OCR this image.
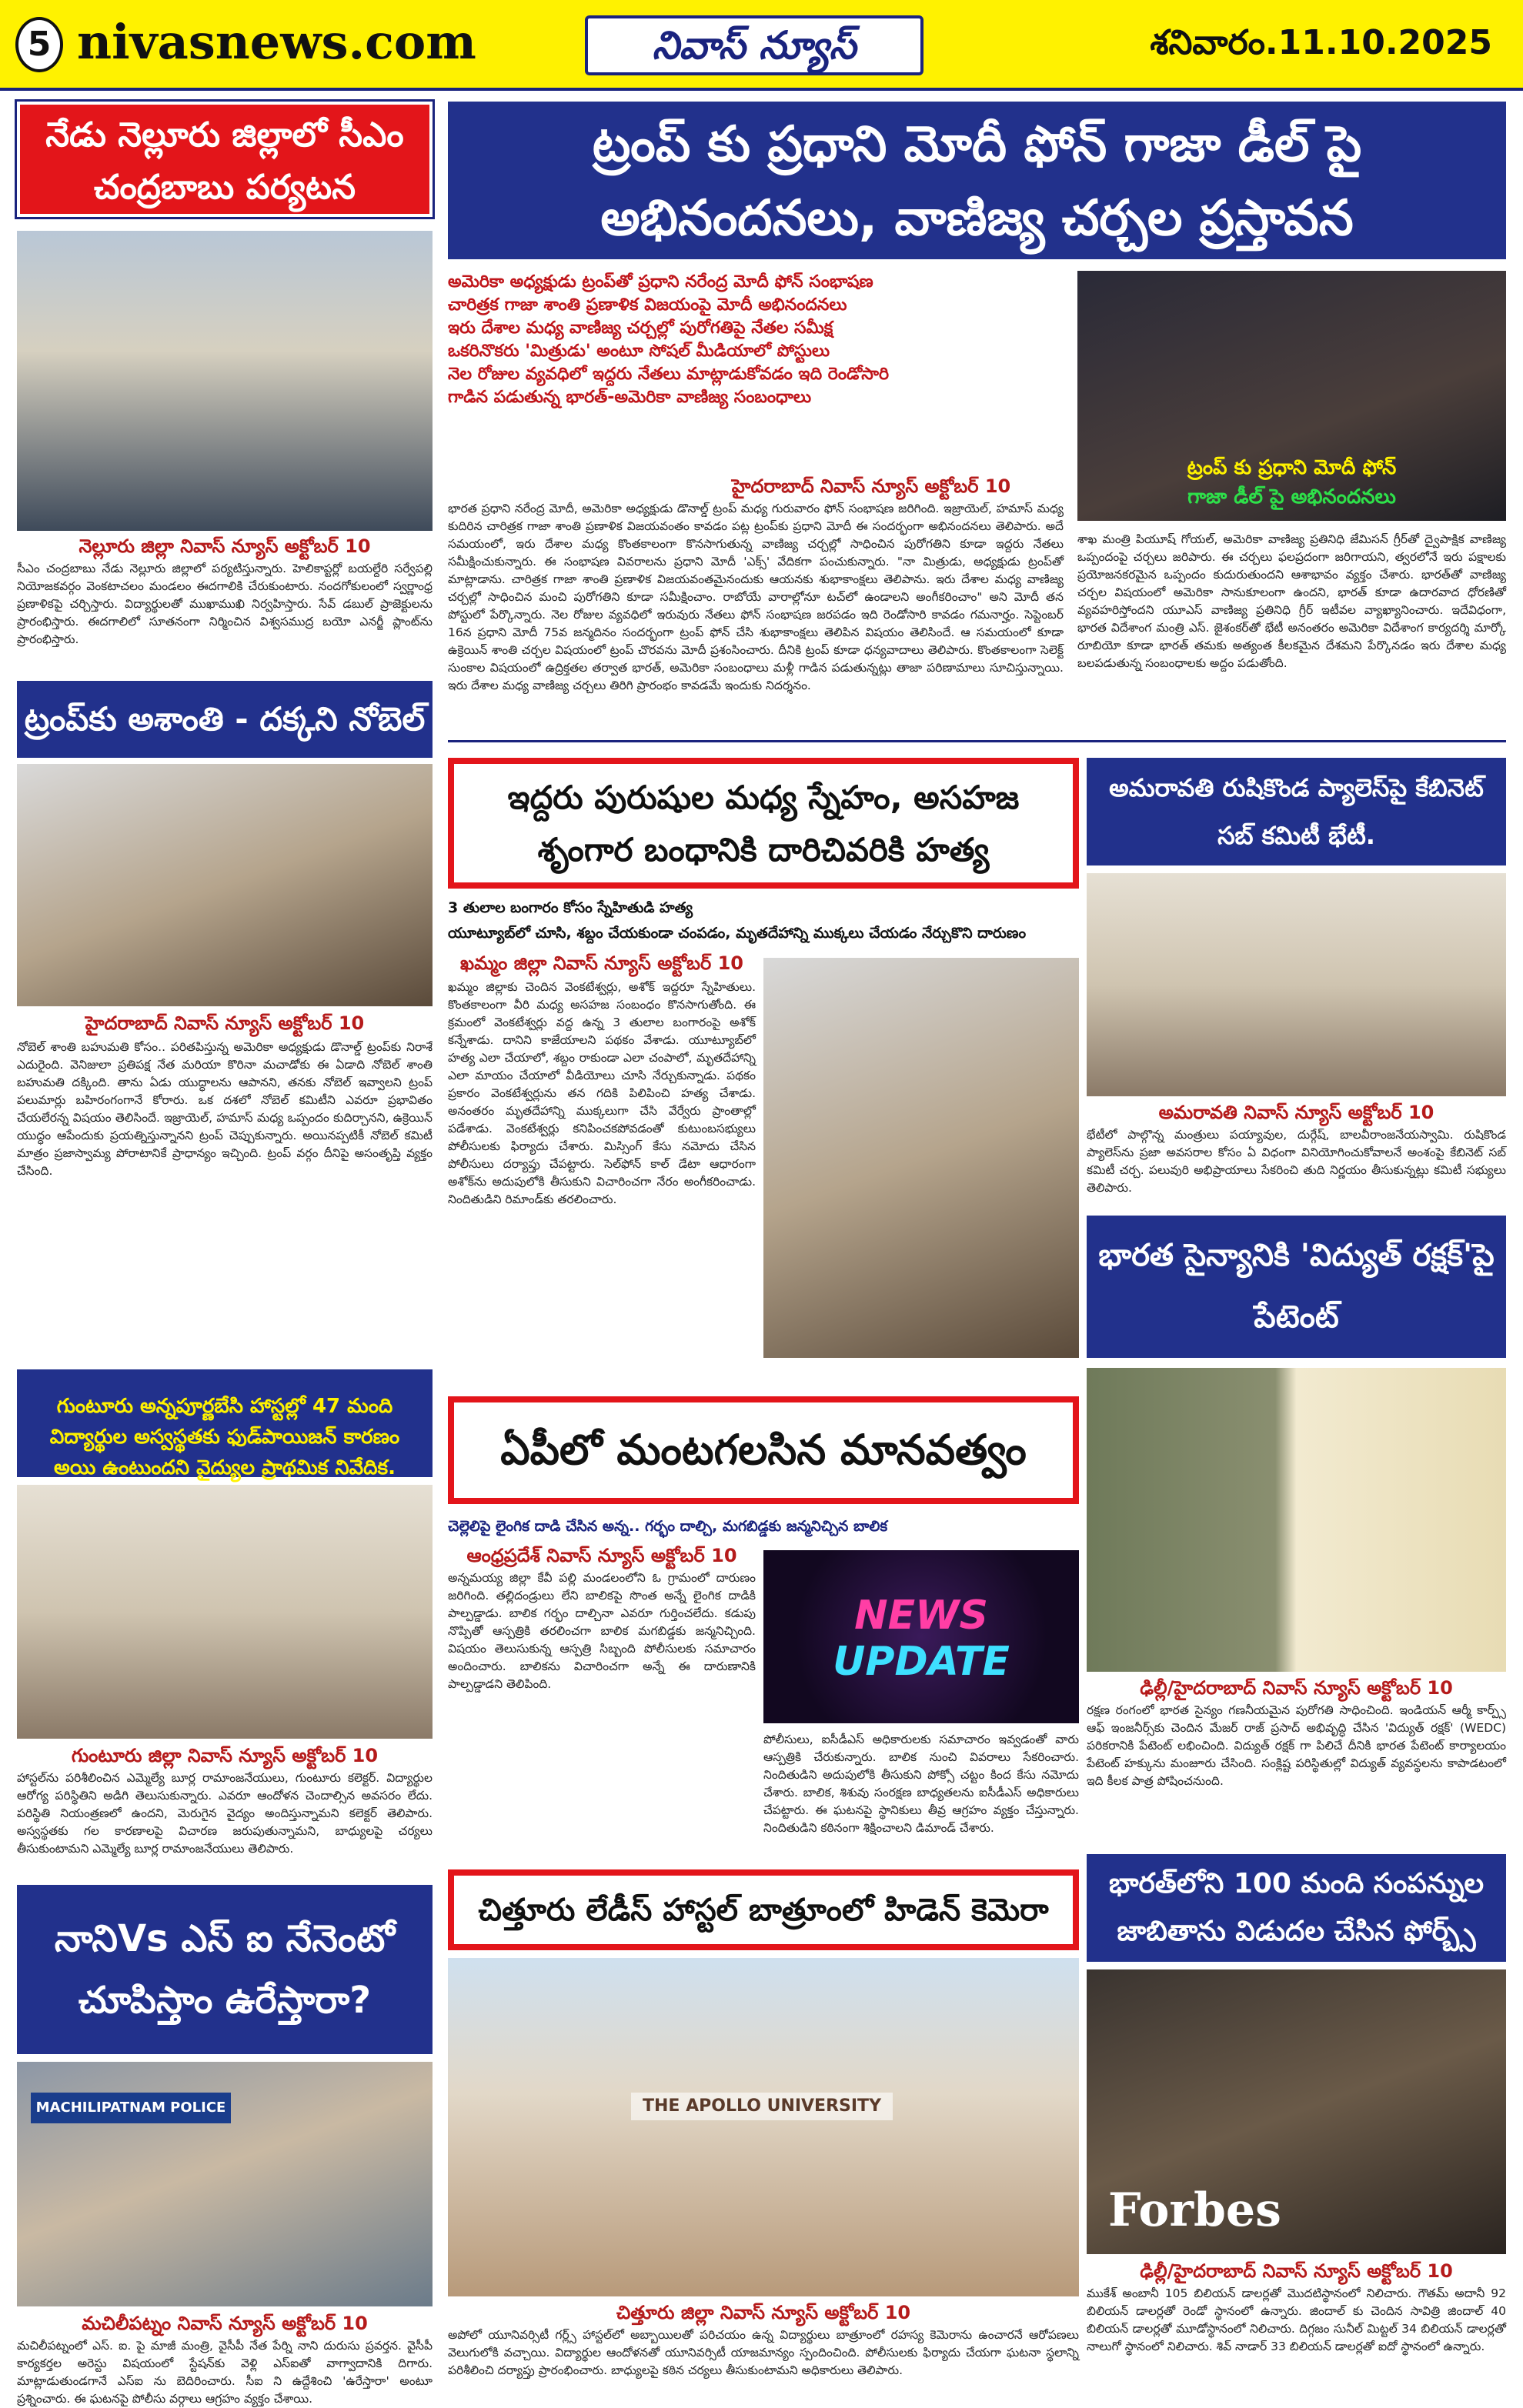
5 nivasnews.com	నివాస్ న్యూస్	శనివారం.11.10.2025
నేడు నెల్లూరు జిల్లాలో సీఎం చంద్రబాబు పర్యటన
నెల్లూరు జిల్లా నివాస్ న్యూస్ అక్టోబర్ 10
సీఎం చంద్రబాబు నేడు నెల్లూరు జిల్లాలో పర్యటిస్తున్నారు. హెలికాప్టర్లో బయల్దేరి సర్వేపల్లి నియోజకవర్గం వెంకటాచలం మండలం ఈదగాలికి చేరుకుంటారు. నందగోకులంలో స్వర్ణాంధ్ర ప్రణాళికపై చర్చిస్తారు. విద్యార్థులతో ముఖాముఖి నిర్వహిస్తారు. సేవ్ డబుల్ ప్రాజెక్టులను ప్రారంభిస్తారు. ఈదగాలిలో సూతనంగా నిర్మించిన విశ్వసముద్ర బయో ఎనర్జీ ప్లాంట్‌ను ప్రారంభిస్తారు.
ట్రంప్‌కు అశాంతి - దక్కని నోబెల్
హైదరాబాద్ నివాస్ న్యూస్ అక్టోబర్ 10
నోబెల్ శాంతి బహుమతి కోసం.. పరితపిస్తున్న అమెరికా అధ్యక్షుడు డొనాల్డ్ ట్రంప్‌కు నిరాశే ఎదురైంది. వెనిజులా ప్రతిపక్ష నేత మరియా కొరినా మచాడోకు ఈ ఏడాది నోబెల్ శాంతి బహుమతి దక్కింది. తాను ఏడు యుద్ధాలను ఆపానని, తనకు నోబెల్ ఇవ్వాలని ట్రంప్ పలుమార్లు బహిరంగంగానే కోరారు. ఒక దశలో నోబెల్ కమిటీని ఎవరూ ప్రభావితం చేయలేరన్న విషయం తెలిసిందే. ఇజ్రాయెల్, హమాస్ మధ్య ఒప్పందం కుదిర్చానని, ఉక్రెయిన్ యుద్ధం ఆపేందుకు ప్రయత్నిస్తున్నానని ట్రంప్ చెప్పుకున్నారు. అయినప్పటికీ నోబెల్ కమిటీ మాత్రం ప్రజాస్వామ్య పోరాటానికే ప్రాధాన్యం ఇచ్చింది. ట్రంప్ వర్గం దీనిపై అసంతృప్తి వ్యక్తం చేసింది.
గుంటూరు అన్నపూర్ణబేసి హాస్టల్లో 47 మంది విద్యార్థుల అస్వస్థతకు ఫుడ్‌పాయిజన్ కారణం అయి ఉంటుందని వైద్యుల ప్రాథమిక నివేదిక.
గుంటూరు జిల్లా నివాస్ న్యూస్ అక్టోబర్ 10
హాస్టల్‌ను పరిశీలించిన ఎమ్మెల్యే బూర్ల రామాంజనేయులు, గుంటూరు కలెక్టర్. విద్యార్థుల ఆరోగ్య పరిస్థితిని అడిగి తెలుసుకున్నారు. ఎవరూ ఆందోళన చెందాల్సిన అవసరం లేదు. పరిస్థితి నియంత్రణలో ఉందని, మెరుగైన వైద్యం అందిస్తున్నామని కలెక్టర్ తెలిపారు. అస్వస్థతకు గల కారణాలపై విచారణ జరుపుతున్నామని, బాధ్యులపై చర్యలు తీసుకుంటామని ఎమ్మెల్యే బూర్ల రామాంజనేయులు తెలిపారు.
నానిVs ఎస్ ఐ నేనెంటో చూపిస్తాం ఉరేస్తారా?
MACHILIPATNAM POLICE
మచిలీపట్నం నివాస్ న్యూస్ అక్టోబర్ 10
మచిలీపట్నంలో ఎస్. ఐ. పై మాజీ మంత్రి, వైసీపీ నేత పేర్ని నాని దురుసు ప్రవర్తన. వైసీపీ కార్యకర్తల అరెస్టు విషయంలో స్టేషన్‌కు వెళ్లి ఎస్ఐతో వాగ్వాదానికి దిగారు. మాట్లాడుతుండగానే ఎస్ఐ ను బెదిరించారు. సీఐ ని ఉద్దేశించి 'ఉరేస్తారా' అంటూ ప్రశ్నించారు. ఈ ఘటనపై పోలీసు వర్గాలు ఆగ్రహం వ్యక్తం చేశాయి.
ట్రంప్ కు ప్రధాని మోదీ ఫోన్ గాజా డీల్ పై అభినందనలు, వాణిజ్య చర్చల ప్రస్తావన
అమెరికా అధ్యక్షుడు ట్రంప్‌తో ప్రధాని నరేంద్ర మోదీ ఫోన్ సంభాషణ
చారిత్రక గాజా శాంతి ప్రణాళిక విజయంపై మోదీ అభినందనలు
ఇరు దేశాల మధ్య వాణిజ్య చర్చల్లో పురోగతిపై నేతల సమీక్ష
ఒకరినొకరు 'మిత్రుడు' అంటూ సోషల్ మీడియాలో పోస్టులు
నెల రోజుల వ్యవధిలో ఇద్దరు నేతలు మాట్లాడుకోవడం ఇది రెండోసారి
గాడిన పడుతున్న భారత్-అమెరికా వాణిజ్య సంబంధాలు
హైదరాబాద్ నివాస్ న్యూస్ అక్టోబర్ 10
భారత ప్రధాని నరేంద్ర మోదీ, అమెరికా అధ్యక్షుడు డొనాల్డ్ ట్రంప్ మధ్య గురువారం ఫోన్ సంభాషణ జరిగింది. ఇజ్రాయెల్, హమాస్ మధ్య కుదిరిన చారిత్రక గాజా శాంతి ప్రణాళిక విజయవంతం కావడం పట్ల ట్రంప్‌కు ప్రధాని మోదీ ఈ సందర్భంగా అభినందనలు తెలిపారు. అదే సమయంలో, ఇరు దేశాల మధ్య కొంతకాలంగా కొనసాగుతున్న వాణిజ్య చర్చల్లో సాధించిన పురోగతిని కూడా ఇద్దరు నేతలు సమీక్షించుకున్నారు. ఈ సంభాషణ వివరాలను ప్రధాని మోదీ 'ఎక్స్' వేదికగా పంచుకున్నారు. "నా మిత్రుడు, అధ్యక్షుడు ట్రంప్‌తో మాట్లాడాను. చారిత్రక గాజా శాంతి ప్రణాళిక విజయవంతమైనందుకు ఆయనకు శుభాకాంక్షలు తెలిపాను. ఇరు దేశాల మధ్య వాణిజ్య చర్చల్లో సాధించిన మంచి పురోగతిని కూడా సమీక్షించాం. రాబోయే వారాల్లోనూ టచ్‌లో ఉండాలని అంగీకరించాం" అని మోదీ తన పోస్టులో పేర్కొన్నారు. నెల రోజుల వ్యవధిలో ఇరువురు నేతలు ఫోన్ సంభాషణ జరపడం ఇది రెండోసారి కావడం గమనార్హం. సెప్టెంబర్ 16న ప్రధాని మోదీ 75వ జన్మదినం సందర్భంగా ట్రంప్ ఫోన్ చేసి శుభాకాంక్షలు తెలిపిన విషయం తెలిసిందే. ఆ సమయంలో కూడా ఉక్రెయిన్ శాంతి చర్చల విషయంలో ట్రంప్ చొరవను మోదీ ప్రశంసించారు. దీనికి ట్రంప్ కూడా ధన్యవాదాలు తెలిపారు. కొంతకాలంగా సెలెక్ట్ సుంకాల విషయంలో ఉద్రిక్తతల తర్వాత భారత్, అమెరికా సంబంధాలు మళ్లీ గాడిన పడుతున్నట్లు తాజా పరిణామాలు సూచిస్తున్నాయి. ఇరు దేశాల మధ్య వాణిజ్య చర్చలు తిరిగి ప్రారంభం కావడమే ఇందుకు నిదర్శనం.
ట్రంప్ కు ప్రధాని మోదీ ఫోన్
గాజా డీల్ పై అభినందనలు
శాఖ మంత్రి పియూష్ గోయల్, అమెరికా వాణిజ్య ప్రతినిధి జేమిసన్ గ్రీర్‌తో ద్వైపాక్షిక వాణిజ్య ఒప్పందంపై చర్చలు జరిపారు. ఈ చర్చలు ఫలప్రదంగా జరిగాయని, త్వరలోనే ఇరు పక్షాలకు ప్రయోజనకరమైన ఒప్పందం కుదురుతుందని ఆశాభావం వ్యక్తం చేశారు. భారత్‌తో వాణిజ్య చర్చల విషయంలో అమెరికా సానుకూలంగా ఉందని, భారత్ కూడా ఉదారవాద ధోరణితో వ్యవహరిస్తోందని యూఎస్ వాణిజ్య ప్రతినిధి గ్రీర్ ఇటీవల వ్యాఖ్యానించారు. ఇదేవిధంగా, భారత విదేశాంగ మంత్రి ఎస్. జైశంకర్‌తో భేటీ అనంతరం అమెరికా విదేశాంగ కార్యదర్శి మార్కో రూబియో కూడా భారత్ తమకు అత్యంత కీలకమైన దేశమని పేర్కొనడం ఇరు దేశాల మధ్య బలపడుతున్న సంబంధాలకు అద్దం పడుతోంది.
ఇద్దరు పురుషుల మధ్య స్నేహం, అసహజ శృంగార బంధానికి దారిచివరికి హత్య
3 తులాల బంగారం కోసం స్నేహితుడి హత్య
యూట్యూబ్‌లో చూసి, శబ్దం చేయకుండా చంపడం, మృతదేహాన్ని ముక్కలు చేయడం నేర్చుకొని దారుణం
ఖమ్మం జిల్లా నివాస్ న్యూస్ అక్టోబర్ 10
ఖమ్మం జిల్లాకు చెందిన వెంకటేశ్వర్లు, అశోక్ ఇద్దరూ స్నేహితులు. కొంతకాలంగా వీరి మధ్య అసహజ సంబంధం కొనసాగుతోంది. ఈ క్రమంలో వెంకటేశ్వర్లు వద్ద ఉన్న 3 తులాల బంగారంపై అశోక్ కన్నేశాడు. దానిని కాజేయాలని పథకం వేశాడు. యూట్యూబ్‌లో హత్య ఎలా చేయాలో, శబ్దం రాకుండా ఎలా చంపాలో, మృతదేహాన్ని ఎలా మాయం చేయాలో వీడియోలు చూసి నేర్చుకున్నాడు. పథకం ప్రకారం వెంకటేశ్వర్లును తన గదికి పిలిపించి హత్య చేశాడు. అనంతరం మృతదేహాన్ని ముక్కలుగా చేసి వేర్వేరు ప్రాంతాల్లో పడేశాడు. వెంకటేశ్వర్లు కనిపించకపోవడంతో కుటుంబసభ్యులు పోలీసులకు ఫిర్యాదు చేశారు. మిస్సింగ్ కేసు నమోదు చేసిన పోలీసులు దర్యాప్తు చేపట్టారు. సెల్‌ఫోన్ కాల్ డేటా ఆధారంగా అశోక్‌ను అదుపులోకి తీసుకుని విచారించగా నేరం అంగీకరించాడు. నిందితుడిని రిమాండ్‌కు తరలించారు.
ఏపీలో మంటగలసిన మానవత్వం
చెల్లెలిపై లైంగిక దాడి చేసిన అన్న.. గర్భం దాల్చి, మగబిడ్డకు జన్మనిచ్చిన బాలిక
ఆంధ్రప్రదేశ్ నివాస్ న్యూస్ అక్టోబర్ 10
అన్నమయ్య జిల్లా కేవీ పల్లి మండలంలోని ఓ గ్రామంలో దారుణం జరిగింది. తల్లిదండ్రులు లేని బాలికపై సొంత అన్నే లైంగిక దాడికి పాల్పడ్డాడు. బాలిక గర్భం దాల్చినా ఎవరూ గుర్తించలేదు. కడుపు నొప్పితో ఆస్పత్రికి తరలించగా బాలిక మగబిడ్డకు జన్మనిచ్చింది. విషయం తెలుసుకున్న ఆస్పత్రి సిబ్బంది పోలీసులకు సమాచారం అందించారు. బాలికను విచారించగా అన్నే ఈ దారుణానికి పాల్పడ్డాడని తెలిపింది.
NEWS
UPDATE
పోలీసులు, ఐసీడీఎస్ అధికారులకు సమాచారం ఇవ్వడంతో వారు ఆస్పత్రికి చేరుకున్నారు. బాలిక నుంచి వివరాలు సేకరించారు. నిందితుడిని అదుపులోకి తీసుకుని పోక్సో చట్టం కింద కేసు నమోదు చేశారు. బాలిక, శిశువు సంరక్షణ బాధ్యతలను ఐసీడీఎస్ అధికారులు చేపట్టారు. ఈ ఘటనపై స్థానికులు తీవ్ర ఆగ్రహం వ్యక్తం చేస్తున్నారు. నిందితుడిని కఠినంగా శిక్షించాలని డిమాండ్ చేశారు.
చిత్తూరు లేడీస్ హాస్టల్ బాత్రూంలో హిడెన్ కెమెరా
THE APOLLO UNIVERSITY
చిత్తూరు జిల్లా నివాస్ న్యూస్ అక్టోబర్ 10
అపోలో యూనివర్సిటీ గర్ల్స్ హాస్టల్‌లో అబ్బాయిలతో పరిచయం ఉన్న విద్యార్థులు బాత్రూంలో రహస్య కెమెరాను ఉంచారనే ఆరోపణలు వెలుగులోకి వచ్చాయి. విద్యార్థుల ఆందోళనతో యూనివర్సిటీ యాజమాన్యం స్పందించింది. పోలీసులకు ఫిర్యాదు చేయగా ఘటనా స్థలాన్ని పరిశీలించి దర్యాప్తు ప్రారంభించారు. బాధ్యులపై కఠిన చర్యలు తీసుకుంటామని అధికారులు తెలిపారు.
అమరావతి రుషికొండ ప్యాలెస్‌పై కేబినెట్ సబ్ కమిటీ భేటీ.
అమరావతి నివాస్ న్యూస్ అక్టోబర్ 10
భేటీలో పాల్గొన్న మంత్రులు పయ్యావుల, దుర్గేష్, బాలవీరాంజనేయస్వామి. రుషికొండ ప్యాలెస్‌ను ప్రజా అవసరాల కోసం ఏ విధంగా వినియోగించుకోవాలనే అంశంపై కేబినెట్ సబ్ కమిటీ చర్చ. పలువురి అభిప్రాయాలు సేకరించి తుది నిర్ణయం తీసుకున్నట్లు కమిటీ సభ్యులు తెలిపారు.
భారత సైన్యానికి 'విద్యుత్ రక్షక్'పై పేటెంట్
ఢిల్లీ/హైదరాబాద్ నివాస్ న్యూస్ అక్టోబర్ 10
రక్షణ రంగంలో భారత సైన్యం గణనీయమైన పురోగతి సాధించింది. ఇండియన్ ఆర్మీ కార్ప్స్ ఆఫ్ ఇంజనీర్స్‌కు చెందిన మేజర్ రాజ్ ప్రసాద్ అభివృద్ధి చేసిన 'విద్యుత్ రక్షక్' (WEDC) పరికరానికి పేటెంట్ లభించింది. విద్యుత్ రక్షక్ గా పిలిచే దీనికి భారత పేటెంట్ కార్యాలయం పేటెంట్ హక్కును మంజూరు చేసింది. సంక్లిష్ట పరిస్థితుల్లో విద్యుత్ వ్యవస్థలను కాపాడటంలో ఇది కీలక పాత్ర పోషించనుంది.
భారత్‌లోని 100 మంది సంపన్నుల జాబితాను విడుదల చేసిన ఫోర్బ్స్
Forbes
ఢిల్లీ/హైదరాబాద్ నివాస్ న్యూస్ అక్టోబర్ 10
ముకేశ్ అంబానీ 105 బిలియన్ డాలర్లతో మొదటిస్థానంలో నిలిచారు. గౌతమ్ అదానీ 92 బిలియన్ డాలర్లతో రెండో స్థానంలో ఉన్నారు. జిందాల్ కు చెందిన సావిత్రి జిందాల్ 40 బిలియన్ డాలర్లతో మూడోస్థానంలో నిలిచారు. దిగ్గజం సునీల్ మిట్టల్ 34 బిలియన్ డాలర్లతో నాలుగో స్థానంలో నిలిచారు. శివ్ నాడార్ 33 బిలియన్ డాలర్లతో ఐదో స్థానంలో ఉన్నారు.
